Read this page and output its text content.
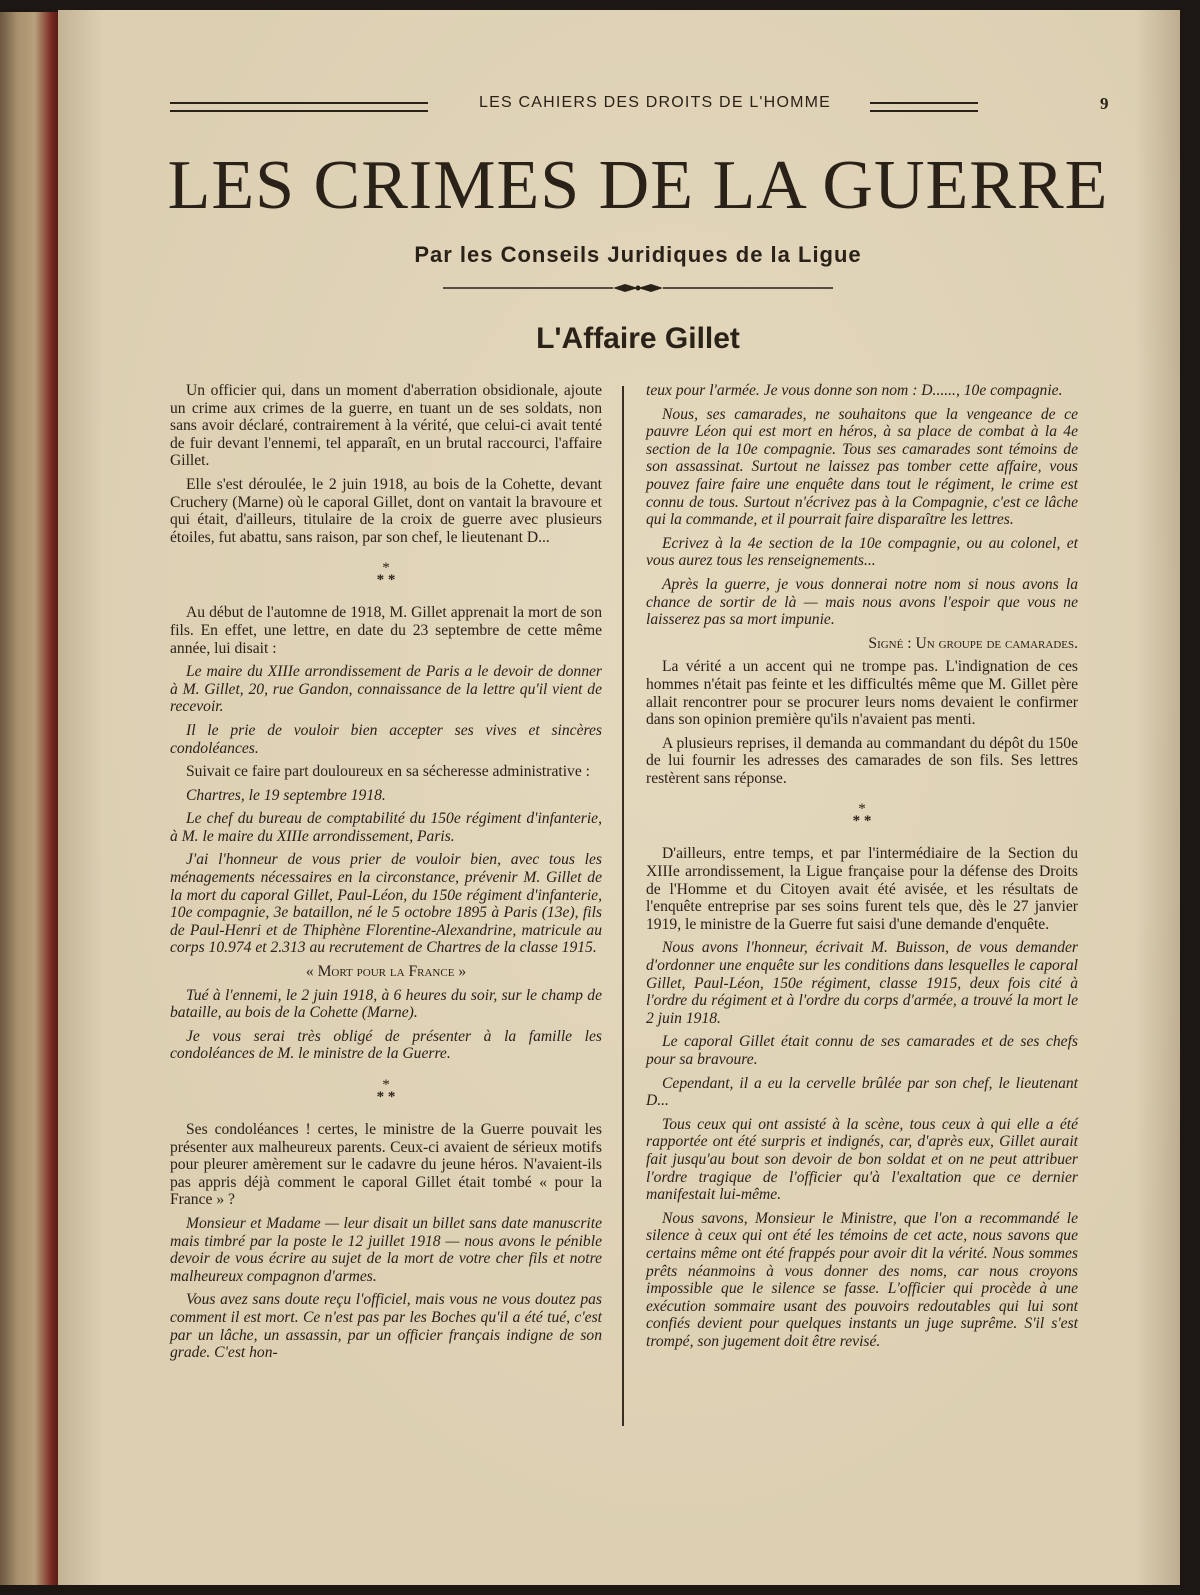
LES CAHIERS DES DROITS DE L'HOMME	9
LES CRIMES DE LA GUERRE
Par les Conseils Juridiques de la Ligue
L'Affaire Gillet

Un officier qui, dans un moment d'aberration obsidionale, ajoute un crime aux crimes de la guerre, en tuant un de ses soldats, non sans avoir déclaré, contrairement à la vérité, que celui-ci avait tenté de fuir devant l'ennemi, tel apparaît, en un brutal raccourci, l'affaire Gillet.

Elle s'est déroulée, le 2 juin 1918, au bois de la Cohette, devant Cruchery (Marne) où le caporal Gillet, dont on vantait la bravoure et qui était, d'ailleurs, titulaire de la croix de guerre avec plusieurs étoiles, fut abattu, sans raison, par son chef, le lieutenant D...

*
* *

Au début de l'automne de 1918, M. Gillet apprenait la mort de son fils. En effet, une lettre, en date du 23 septembre de cette même année, lui disait :

Le maire du XIIIe arrondissement de Paris a le devoir de donner à M. Gillet, 20, rue Gandon, connaissance de la lettre qu'il vient de recevoir.

Il le prie de vouloir bien accepter ses vives et sincères condoléances.

Suivait ce faire part douloureux en sa sécheresse administrative :

Chartres, le 19 septembre 1918.

Le chef du bureau de comptabilité du 150e régiment d'infanterie, à M. le maire du XIIIe arrondissement, Paris.

J'ai l'honneur de vous prier de vouloir bien, avec tous les ménagements nécessaires en la circonstance, prévenir M. Gillet de la mort du caporal Gillet, Paul-Léon, du 150e régiment d'infanterie, 10e compagnie, 3e bataillon, né le 5 octobre 1895 à Paris (13e), fils de Paul-Henri et de Thiphène Florentine-Alexandrine, matricule au corps 10.974 et 2.313 au recrutement de Chartres de la classe 1915.

« Mort pour la France »

Tué à l'ennemi, le 2 juin 1918, à 6 heures du soir, sur le champ de bataille, au bois de la Cohette (Marne).

Je vous serai très obligé de présenter à la famille les condoléances de M. le ministre de la Guerre.

*
* *

Ses condoléances ! certes, le ministre de la Guerre pouvait les présenter aux malheureux parents. Ceux-ci avaient de sérieux motifs pour pleurer amèrement sur le cadavre du jeune héros. N'avaient-ils pas appris déjà comment le caporal Gillet était tombé « pour la France » ?

Monsieur et Madame — leur disait un billet sans date manuscrite mais timbré par la poste le 12 juillet 1918 — nous avons le pénible devoir de vous écrire au sujet de la mort de votre cher fils et notre malheureux compagnon d'armes.

Vous avez sans doute reçu l'officiel, mais vous ne vous doutez pas comment il est mort. Ce n'est pas par les Boches qu'il a été tué, c'est par un lâche, un assassin, par un officier français indigne de son grade. C'est hon-

teux pour l'armée. Je vous donne son nom : D......, 10e compagnie.

Nous, ses camarades, ne souhaitons que la vengeance de ce pauvre Léon qui est mort en héros, à sa place de combat à la 4e section de la 10e compagnie. Tous ses camarades sont témoins de son assassinat. Surtout ne laissez pas tomber cette affaire, vous pouvez faire faire une enquête dans tout le régiment, le crime est connu de tous. Surtout n'écrivez pas à la Compagnie, c'est ce lâche qui la commande, et il pourrait faire disparaître les lettres.

Ecrivez à la 4e section de la 10e compagnie, ou au colonel, et vous aurez tous les renseignements...

Après la guerre, je vous donnerai notre nom si nous avons la chance de sortir de là — mais nous avons l'espoir que vous ne laisserez pas sa mort impunie.

Signé : Un groupe de camarades.

La vérité a un accent qui ne trompe pas. L'indignation de ces hommes n'était pas feinte et les difficultés même que M. Gillet père allait rencontrer pour se procurer leurs noms devaient le confirmer dans son opinion première qu'ils n'avaient pas menti.

A plusieurs reprises, il demanda au commandant du dépôt du 150e de lui fournir les adresses des camarades de son fils. Ses lettres restèrent sans réponse.

*
* *

D'ailleurs, entre temps, et par l'intermédiaire de la Section du XIIIe arrondissement, la Ligue française pour la défense des Droits de l'Homme et du Citoyen avait été avisée, et les résultats de l'enquête entreprise par ses soins furent tels que, dès le 27 janvier 1919, le ministre de la Guerre fut saisi d'une demande d'enquête.

Nous avons l'honneur, écrivait M. Buisson, de vous demander d'ordonner une enquête sur les conditions dans lesquelles le caporal Gillet, Paul-Léon, 150e régiment, classe 1915, deux fois cité à l'ordre du régiment et à l'ordre du corps d'armée, a trouvé la mort le 2 juin 1918.

Le caporal Gillet était connu de ses camarades et de ses chefs pour sa bravoure.

Cependant, il a eu la cervelle brûlée par son chef, le lieutenant D...

Tous ceux qui ont assisté à la scène, tous ceux à qui elle a été rapportée ont été surpris et indignés, car, d'après eux, Gillet aurait fait jusqu'au bout son devoir de bon soldat et on ne peut attribuer l'ordre tragique de l'officier qu'à l'exaltation que ce dernier manifestait lui-même.

Nous savons, Monsieur le Ministre, que l'on a recommandé le silence à ceux qui ont été les témoins de cet acte, nous savons que certains même ont été frappés pour avoir dit la vérité. Nous sommes prêts néanmoins à vous donner des noms, car nous croyons impossible que le silence se fasse. L'officier qui procède à une exécution sommaire usant des pouvoirs redoutables qui lui sont confiés devient pour quelques instants un juge suprême. S'il s'est trompé, son jugement doit être revisé.
